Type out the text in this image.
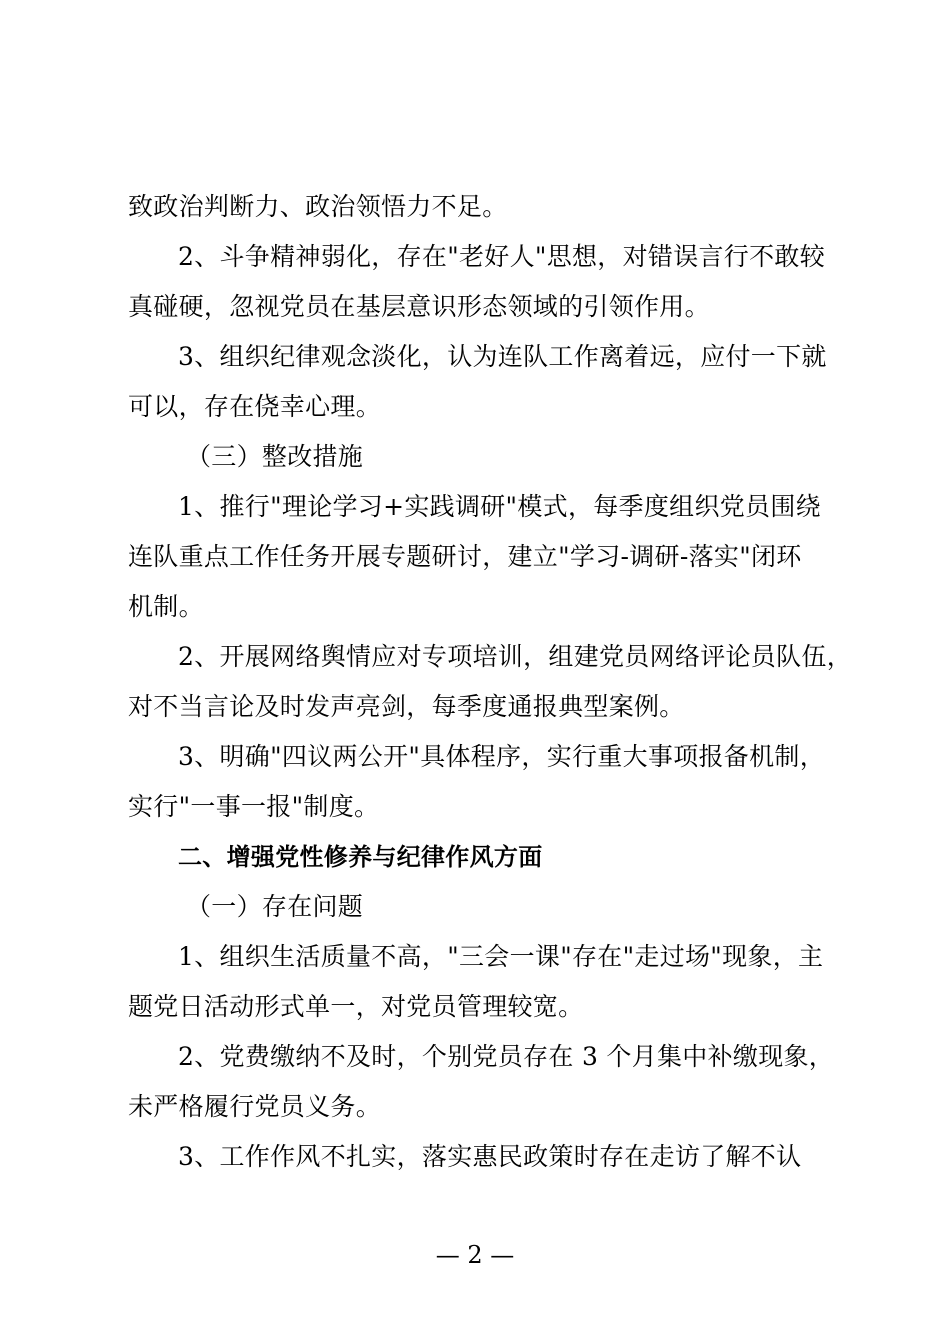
致政治判断力、政治领悟力不足。
2、斗争精神弱化，存在"老好人"思想，对错误言行不敢较
真碰硬，忽视党员在基层意识形态领域的引领作用。
3、组织纪律观念淡化，认为连队工作离着远，应付一下就
可以，存在侥幸心理。
（三）整改措施
1、推行"理论学习+实践调研"模式，每季度组织党员围绕
连队重点工作任务开展专题研讨，建立"学习-调研-落实"闭环
机制。
2、开展网络舆情应对专项培训，组建党员网络评论员队伍，
对不当言论及时发声亮剑，每季度通报典型案例。
3、明确"四议两公开"具体程序，实行重大事项报备机制，
实行"一事一报"制度。
二、增强党性修养与纪律作风方面
（一）存在问题
1、组织生活质量不高，"三会一课"存在"走过场"现象，主
题党日活动形式单一，对党员管理较宽。
2、党费缴纳不及时，个别党员存在 3 个月集中补缴现象，
未严格履行党员义务。
3、工作作风不扎实，落实惠民政策时存在走访了解不认
— 2 —
